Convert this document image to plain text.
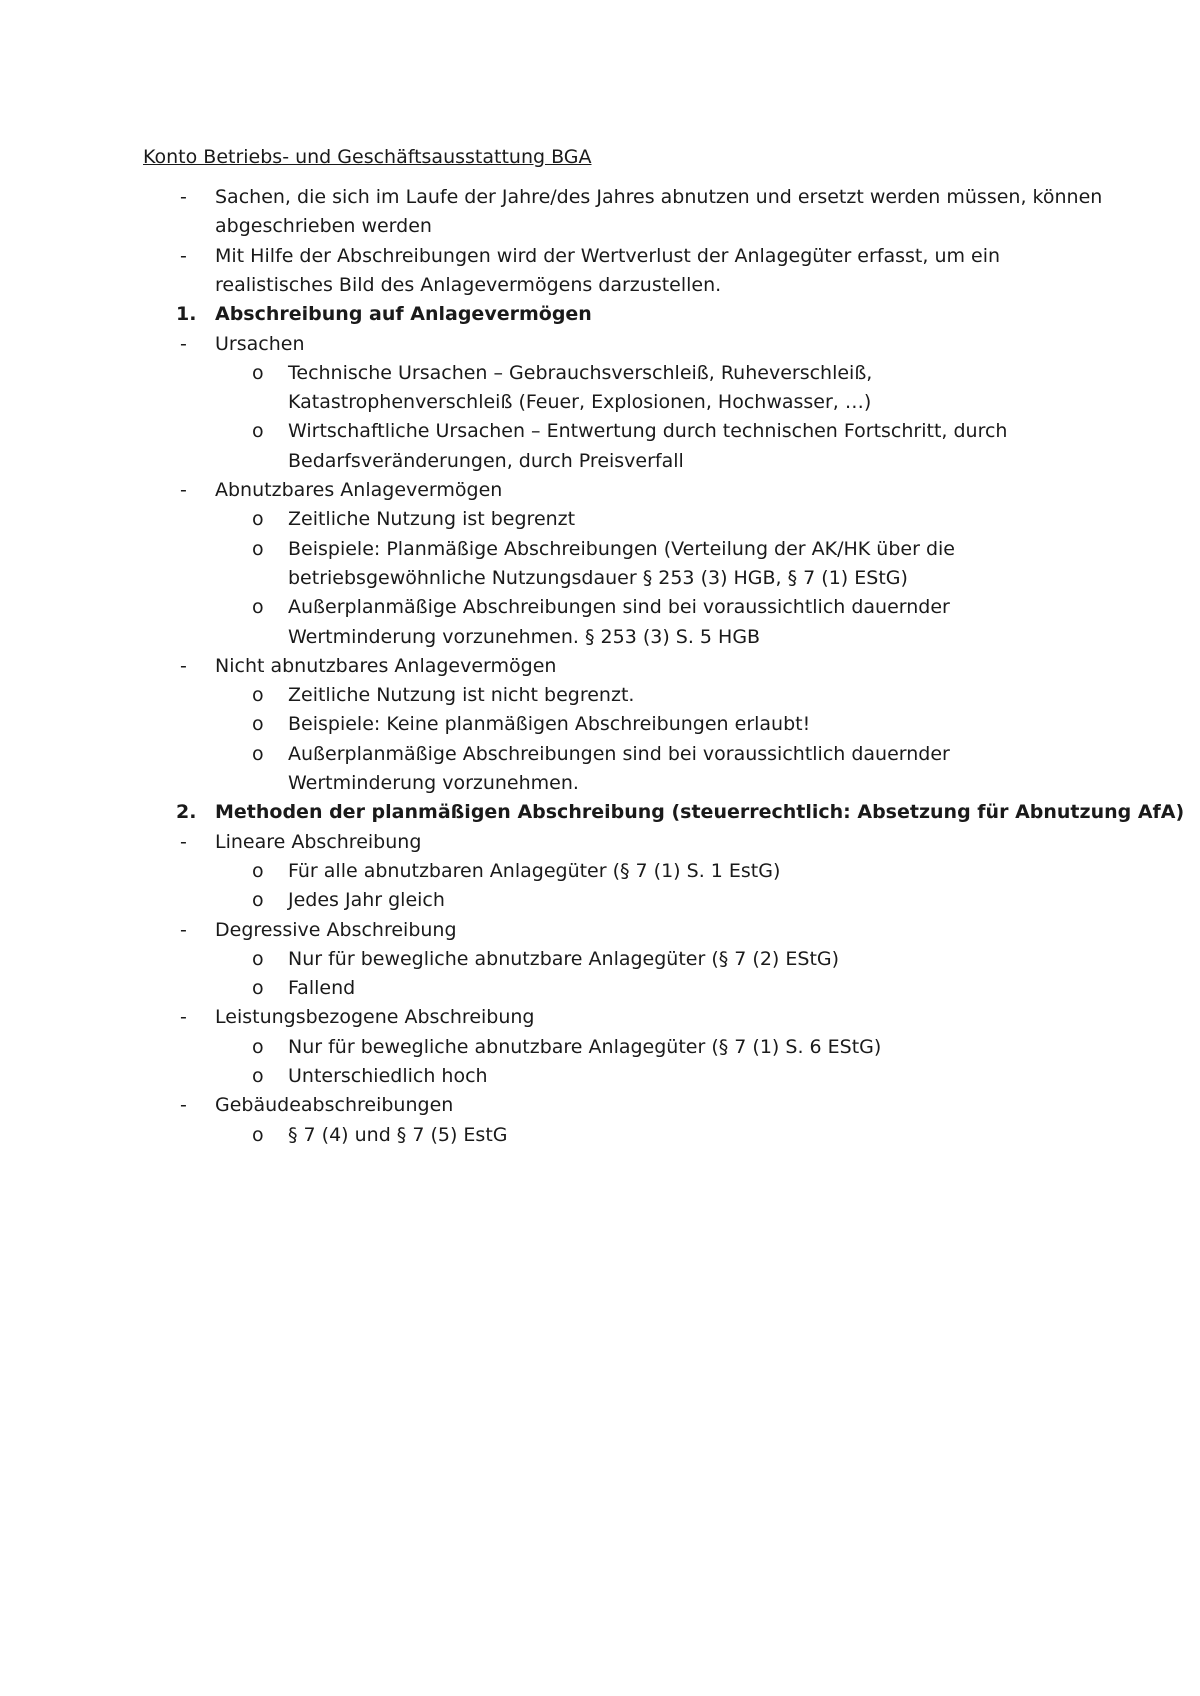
Konto Betriebs- und Geschäftsausstattung BGA
- Sachen, die sich im Laufe der Jahre/des Jahres abnutzen und ersetzt werden müssen, können
abgeschrieben werden
- Mit Hilfe der Abschreibungen wird der Wertverlust der Anlagegüter erfasst, um ein
realistisches Bild des Anlagevermögens darzustellen.
1. Abschreibung auf Anlagevermögen
- Ursachen
o Technische Ursachen – Gebrauchsverschleiß, Ruheverschleiß,
Katastrophenverschleiß (Feuer, Explosionen, Hochwasser, …)
o Wirtschaftliche Ursachen – Entwertung durch technischen Fortschritt, durch
Bedarfsveränderungen, durch Preisverfall
- Abnutzbares Anlagevermögen
o Zeitliche Nutzung ist begrenzt
o Beispiele: Planmäßige Abschreibungen (Verteilung der AK/HK über die
betriebsgewöhnliche Nutzungsdauer § 253 (3) HGB, § 7 (1) EStG)
o Außerplanmäßige Abschreibungen sind bei voraussichtlich dauernder
Wertminderung vorzunehmen. § 253 (3) S. 5 HGB
- Nicht abnutzbares Anlagevermögen
o Zeitliche Nutzung ist nicht begrenzt.
o Beispiele: Keine planmäßigen Abschreibungen erlaubt!
o Außerplanmäßige Abschreibungen sind bei voraussichtlich dauernder
Wertminderung vorzunehmen.
2. Methoden der planmäßigen Abschreibung (steuerrechtlich: Absetzung für Abnutzung AfA)
- Lineare Abschreibung
o Für alle abnutzbaren Anlagegüter (§ 7 (1) S. 1 EstG)
o Jedes Jahr gleich
- Degressive Abschreibung
o Nur für bewegliche abnutzbare Anlagegüter (§ 7 (2) EStG)
o Fallend
- Leistungsbezogene Abschreibung
o Nur für bewegliche abnutzbare Anlagegüter (§ 7 (1) S. 6 EStG)
o Unterschiedlich hoch
- Gebäudeabschreibungen
o § 7 (4) und § 7 (5) EstG
